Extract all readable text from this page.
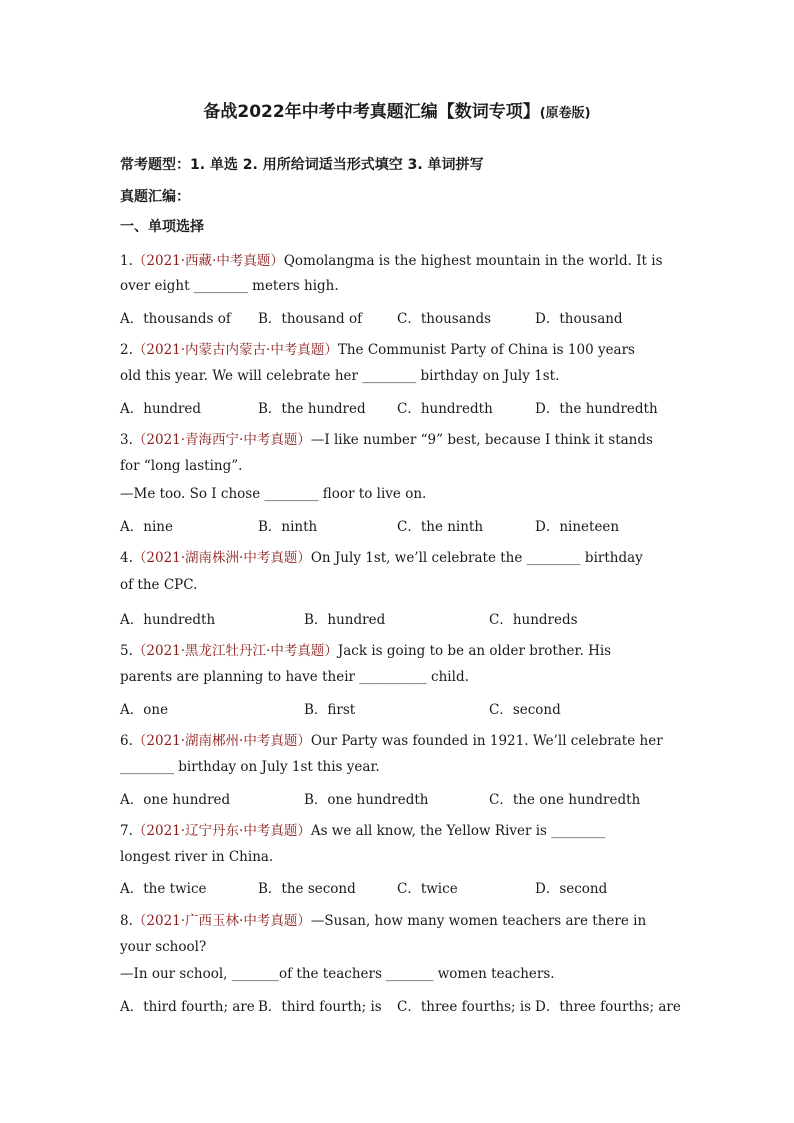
备战2022年中考中考真题汇编【数词专项】(原卷版)
常考题型：1. 单选 2. 用所给词适当形式填空 3. 单词拼写
真题汇编：
一、单项选择
1.（2021·西藏·中考真题）Qomolangma is the highest mountain in the world. It is
over eight ________ meters high.
A．thousands of B．thousand of	C．thousands	D．thousand
2.（2021·内蒙古内蒙古·中考真题）The Communist Party of China is 100 years
old this year. We will celebrate her ________ birthday on July 1st.
A．hundred	B．the hundred C．hundredth	D．the hundredth
3.（2021·青海西宁·中考真题）—I like number “9” best, because I think it stands
for “long lasting”.
—Me too. So I chose ________ floor to live on.
A．nine	B．ninth	C．the ninth	D．nineteen
4.（2021·湖南株洲·中考真题）On July 1st, we’ll celebrate the ________ birthday
of the CPC.
A．hundredth	B．hundred	C．hundreds
5.（2021·黑龙江牡丹江·中考真题）Jack is going to be an older brother. His
parents are planning to have their __________ child.
A．one	B．first	C．second
6.（2021·湖南郴州·中考真题）Our Party was founded in 1921. We’ll celebrate her
________ birthday on July 1st this year.
A．one hundred	B．one hundredth	C．the one hundredth
7.（2021·辽宁丹东·中考真题）As we all know, the Yellow River is ________
longest river in China.
A．the twice	B．the second	C．twice	D．second
8.（2021·广西玉林·中考真题）—Susan, how many women teachers are there in
your school?
—In our school, _______of the teachers _______ women teachers.
A．third fourth; are B．third fourth; is C．three fourths; is D．three fourths; are
